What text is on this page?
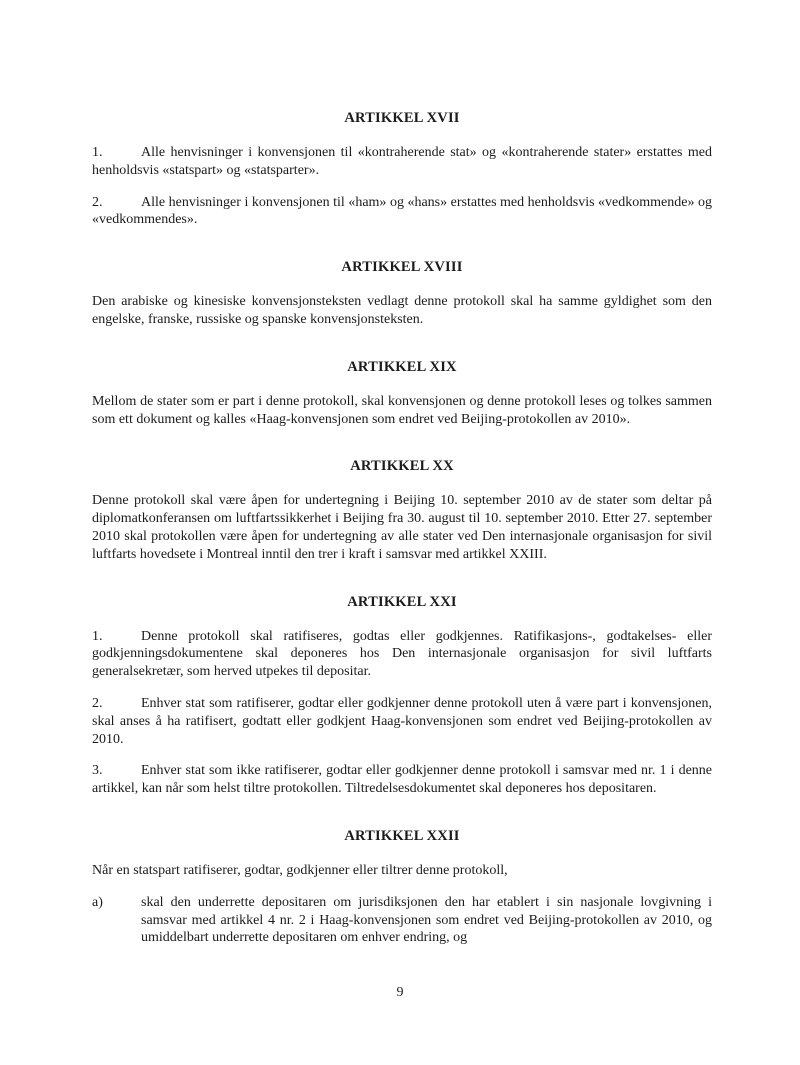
ARTIKKEL XVII

1.	Alle henvisninger i konvensjonen til «kontraherende stat» og «kontraherende stater» erstattes med henholdsvis «statspart» og «statsparter».

2.	Alle henvisninger i konvensjonen til «ham» og «hans» erstattes med henholdsvis «vedkommende» og «vedkommendes».

ARTIKKEL XVIII

Den arabiske og kinesiske konvensjonsteksten vedlagt denne protokoll skal ha samme gyldighet som den engelske, franske, russiske og spanske konvensjonsteksten.

ARTIKKEL XIX

Mellom de stater som er part i denne protokoll, skal konvensjonen og denne protokoll leses og tolkes sammen som ett dokument og kalles «Haag-konvensjonen som endret ved Beijing-protokollen av 2010».

ARTIKKEL XX

Denne protokoll skal være åpen for undertegning i Beijing 10. september 2010 av de stater som deltar på diplomatkonferansen om luftfartssikkerhet i Beijing fra 30. august til 10. september 2010. Etter 27. september 2010 skal protokollen være åpen for undertegning av alle stater ved Den internasjonale organisasjon for sivil luftfarts hovedsete i Montreal inntil den trer i kraft i samsvar med artikkel XXIII.

ARTIKKEL XXI

1.	Denne protokoll skal ratifiseres, godtas eller godkjennes. Ratifikasjons-, godtakelses- eller godkjenningsdokumentene skal deponeres hos Den internasjonale organisasjon for sivil luftfarts generalsekretær, som herved utpekes til depositar.

2.	Enhver stat som ratifiserer, godtar eller godkjenner denne protokoll uten å være part i konvensjonen, skal anses å ha ratifisert, godtatt eller godkjent Haag-konvensjonen som endret ved Beijing-protokollen av 2010.

3.	Enhver stat som ikke ratifiserer, godtar eller godkjenner denne protokoll i samsvar med nr. 1 i denne artikkel, kan når som helst tiltre protokollen. Tiltredelsesdokumentet skal deponeres hos depositaren.

ARTIKKEL XXII

Når en statspart ratifiserer, godtar, godkjenner eller tiltrer denne protokoll,

a)	skal den underrette depositaren om jurisdiksjonen den har etablert i sin nasjonale lovgivning i samsvar med artikkel 4 nr. 2 i Haag-konvensjonen som endret ved Beijing-protokollen av 2010, og umiddelbart underrette depositaren om enhver endring, og

9
